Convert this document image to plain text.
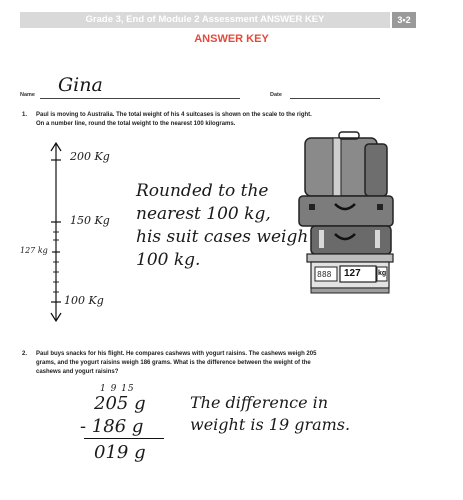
Grade 3, End of Module 2 Assessment ANSWER KEY	3•2
ANSWER KEY
Name Gina	Date
1. Paul is moving to Australia. The total weight of his 4 suitcases is shown on the scale to the right.
On a number line, round the total weight to the nearest 100 kilograms.
200 Kg
150 Kg
127 kg
100 Kg
Rounded to the
nearest 100 kg,
his suit cases weigh
100 kg.
888 127 kg
2. Paul buys snacks for his flight. He compares cashews with yogurt raisins. The cashews weigh 205
grams, and the yogurt raisins weigh 186 grams. What is the difference between the weight of the
cashews and yogurt raisins?
1 9 15
205 g
- 186 g
019 g
The difference in
weight is 19 grams.
